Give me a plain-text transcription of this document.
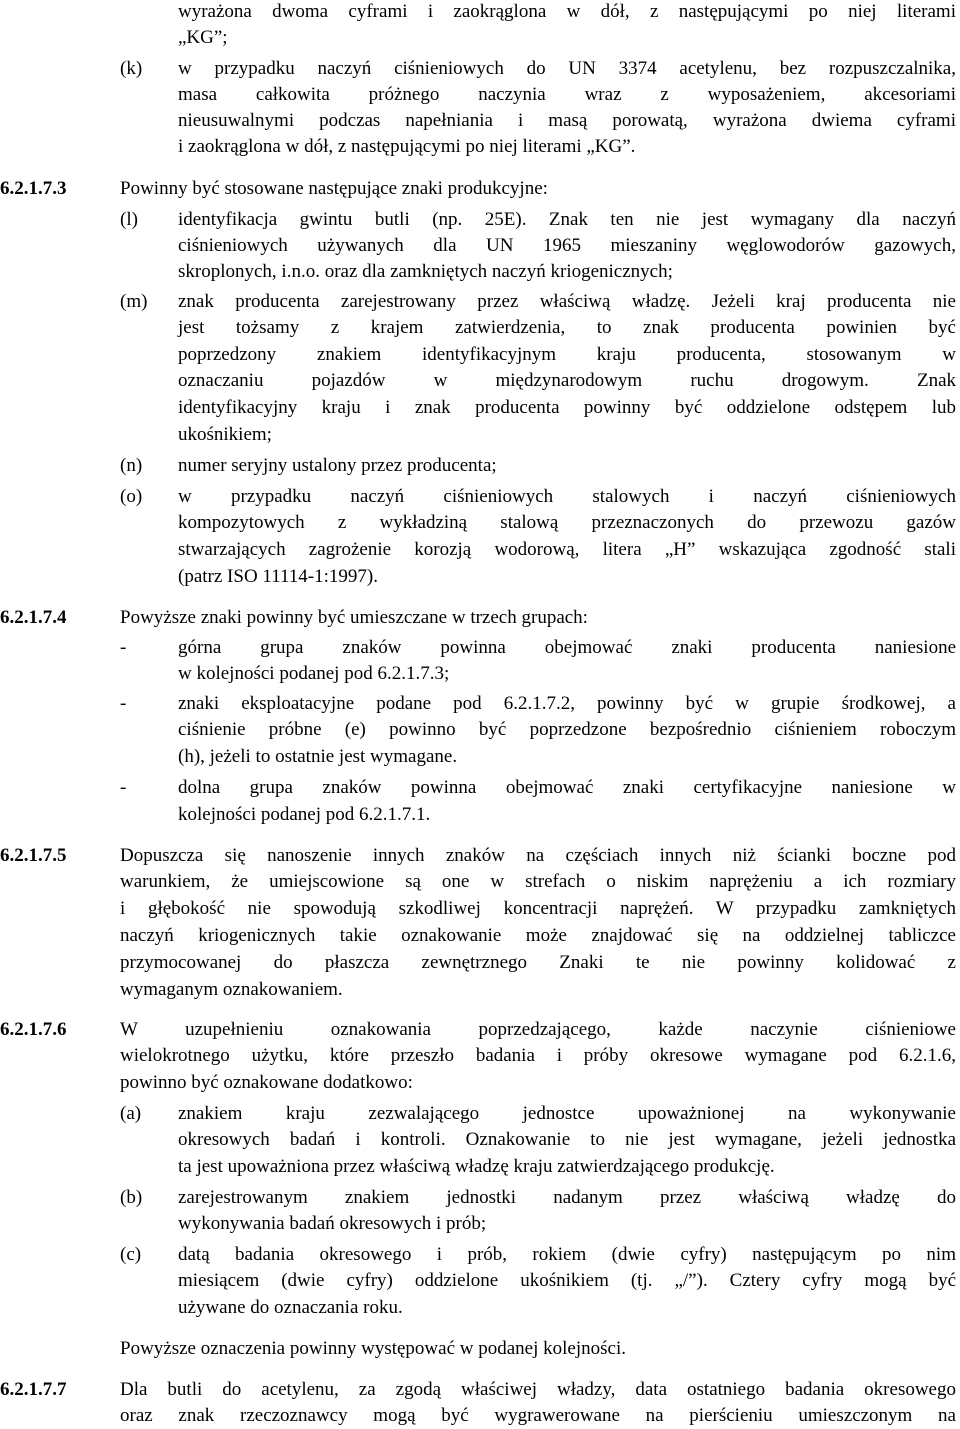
wyrażona dwoma cyframi i zaokrąglona w dół, z następującymi po niej literami
„KG”;
(k) w przypadku naczyń ciśnieniowych do UN 3374 acetylenu, bez rozpuszczalnika,
masa całkowita próżnego naczynia wraz z wyposażeniem, akcesoriami
nieusuwalnymi podczas napełniania i masą porowatą, wyrażona dwiema cyframi
i zaokrąglona w dół, z następującymi po niej literami „KG”.
6.2.1.7.3	Powinny być stosowane następujące znaki produkcyjne:
(l) identyfikacja gwintu butli (np. 25E). Znak ten nie jest wymagany dla naczyń
ciśnieniowych używanych dla UN 1965 mieszaniny węglowodorów gazowych,
skroplonych, i.n.o. oraz dla zamkniętych naczyń kriogenicznych;
(m) znak producenta zarejestrowany przez właściwą władzę. Jeżeli kraj producenta nie
jest tożsamy z krajem zatwierdzenia, to znak producenta powinien być
poprzedzony znakiem identyfikacyjnym kraju producenta, stosowanym w
oznaczaniu pojazdów w międzynarodowym ruchu drogowym. Znak
identyfikacyjny kraju i znak producenta powinny być oddzielone odstępem lub
ukośnikiem;
(n) numer seryjny ustalony przez producenta;
(o) w przypadku naczyń ciśnieniowych stalowych i naczyń ciśnieniowych
kompozytowych z wykładziną stalową przeznaczonych do przewozu gazów
stwarzających zagrożenie korozją wodorową, litera „H” wskazująca zgodność stali
(patrz ISO 11114-1:1997).
6.2.1.7.4	Powyższe znaki powinny być umieszczane w trzech grupach:
-	górna grupa znaków powinna obejmować znaki producenta naniesione
w kolejności podanej pod 6.2.1.7.3;
-	znaki eksploatacyjne podane pod 6.2.1.7.2, powinny być w grupie środkowej, a
ciśnienie próbne (e) powinno być poprzedzone bezpośrednio ciśnieniem roboczym
(h), jeżeli to ostatnie jest wymagane.
-	dolna grupa znaków powinna obejmować znaki certyfikacyjne naniesione w
kolejności podanej pod 6.2.1.7.1.
6.2.1.7.5	Dopuszcza się nanoszenie innych znaków na częściach innych niż ścianki boczne pod
warunkiem, że umiejscowione są one w strefach o niskim naprężeniu a ich rozmiary
i głębokość nie spowodują szkodliwej koncentracji naprężeń. W przypadku zamkniętych
naczyń kriogenicznych takie oznakowanie może znajdować się na oddzielnej tabliczce
przymocowanej do płaszcza zewnętrznego Znaki te nie powinny kolidować z
wymaganym oznakowaniem.
6.2.1.7.6	W uzupełnieniu oznakowania poprzedzającego, każde naczynie ciśnieniowe
wielokrotnego użytku, które przeszło badania i próby okresowe wymagane pod 6.2.1.6,
powinno być oznakowane dodatkowo:
(a) znakiem kraju zezwalającego jednostce upoważnionej na wykonywanie
okresowych badań i kontroli. Oznakowanie to nie jest wymagane, jeżeli jednostka
ta jest upoważniona przez właściwą władzę kraju zatwierdzającego produkcję.
(b) zarejestrowanym znakiem jednostki nadanym przez właściwą władzę do
wykonywania badań okresowych i prób;
(c) datą badania okresowego i prób, rokiem (dwie cyfry) następującym po nim
miesiącem (dwie cyfry) oddzielone ukośnikiem (tj. „/”). Cztery cyfry mogą być
używane do oznaczania roku.
Powyższe oznaczenia powinny występować w podanej kolejności.
6.2.1.7.7	Dla butli do acetylenu, za zgodą właściwej władzy, data ostatniego badania okresowego
oraz znak rzeczoznawcy mogą być wygrawerowane na pierścieniu umieszczonym na
